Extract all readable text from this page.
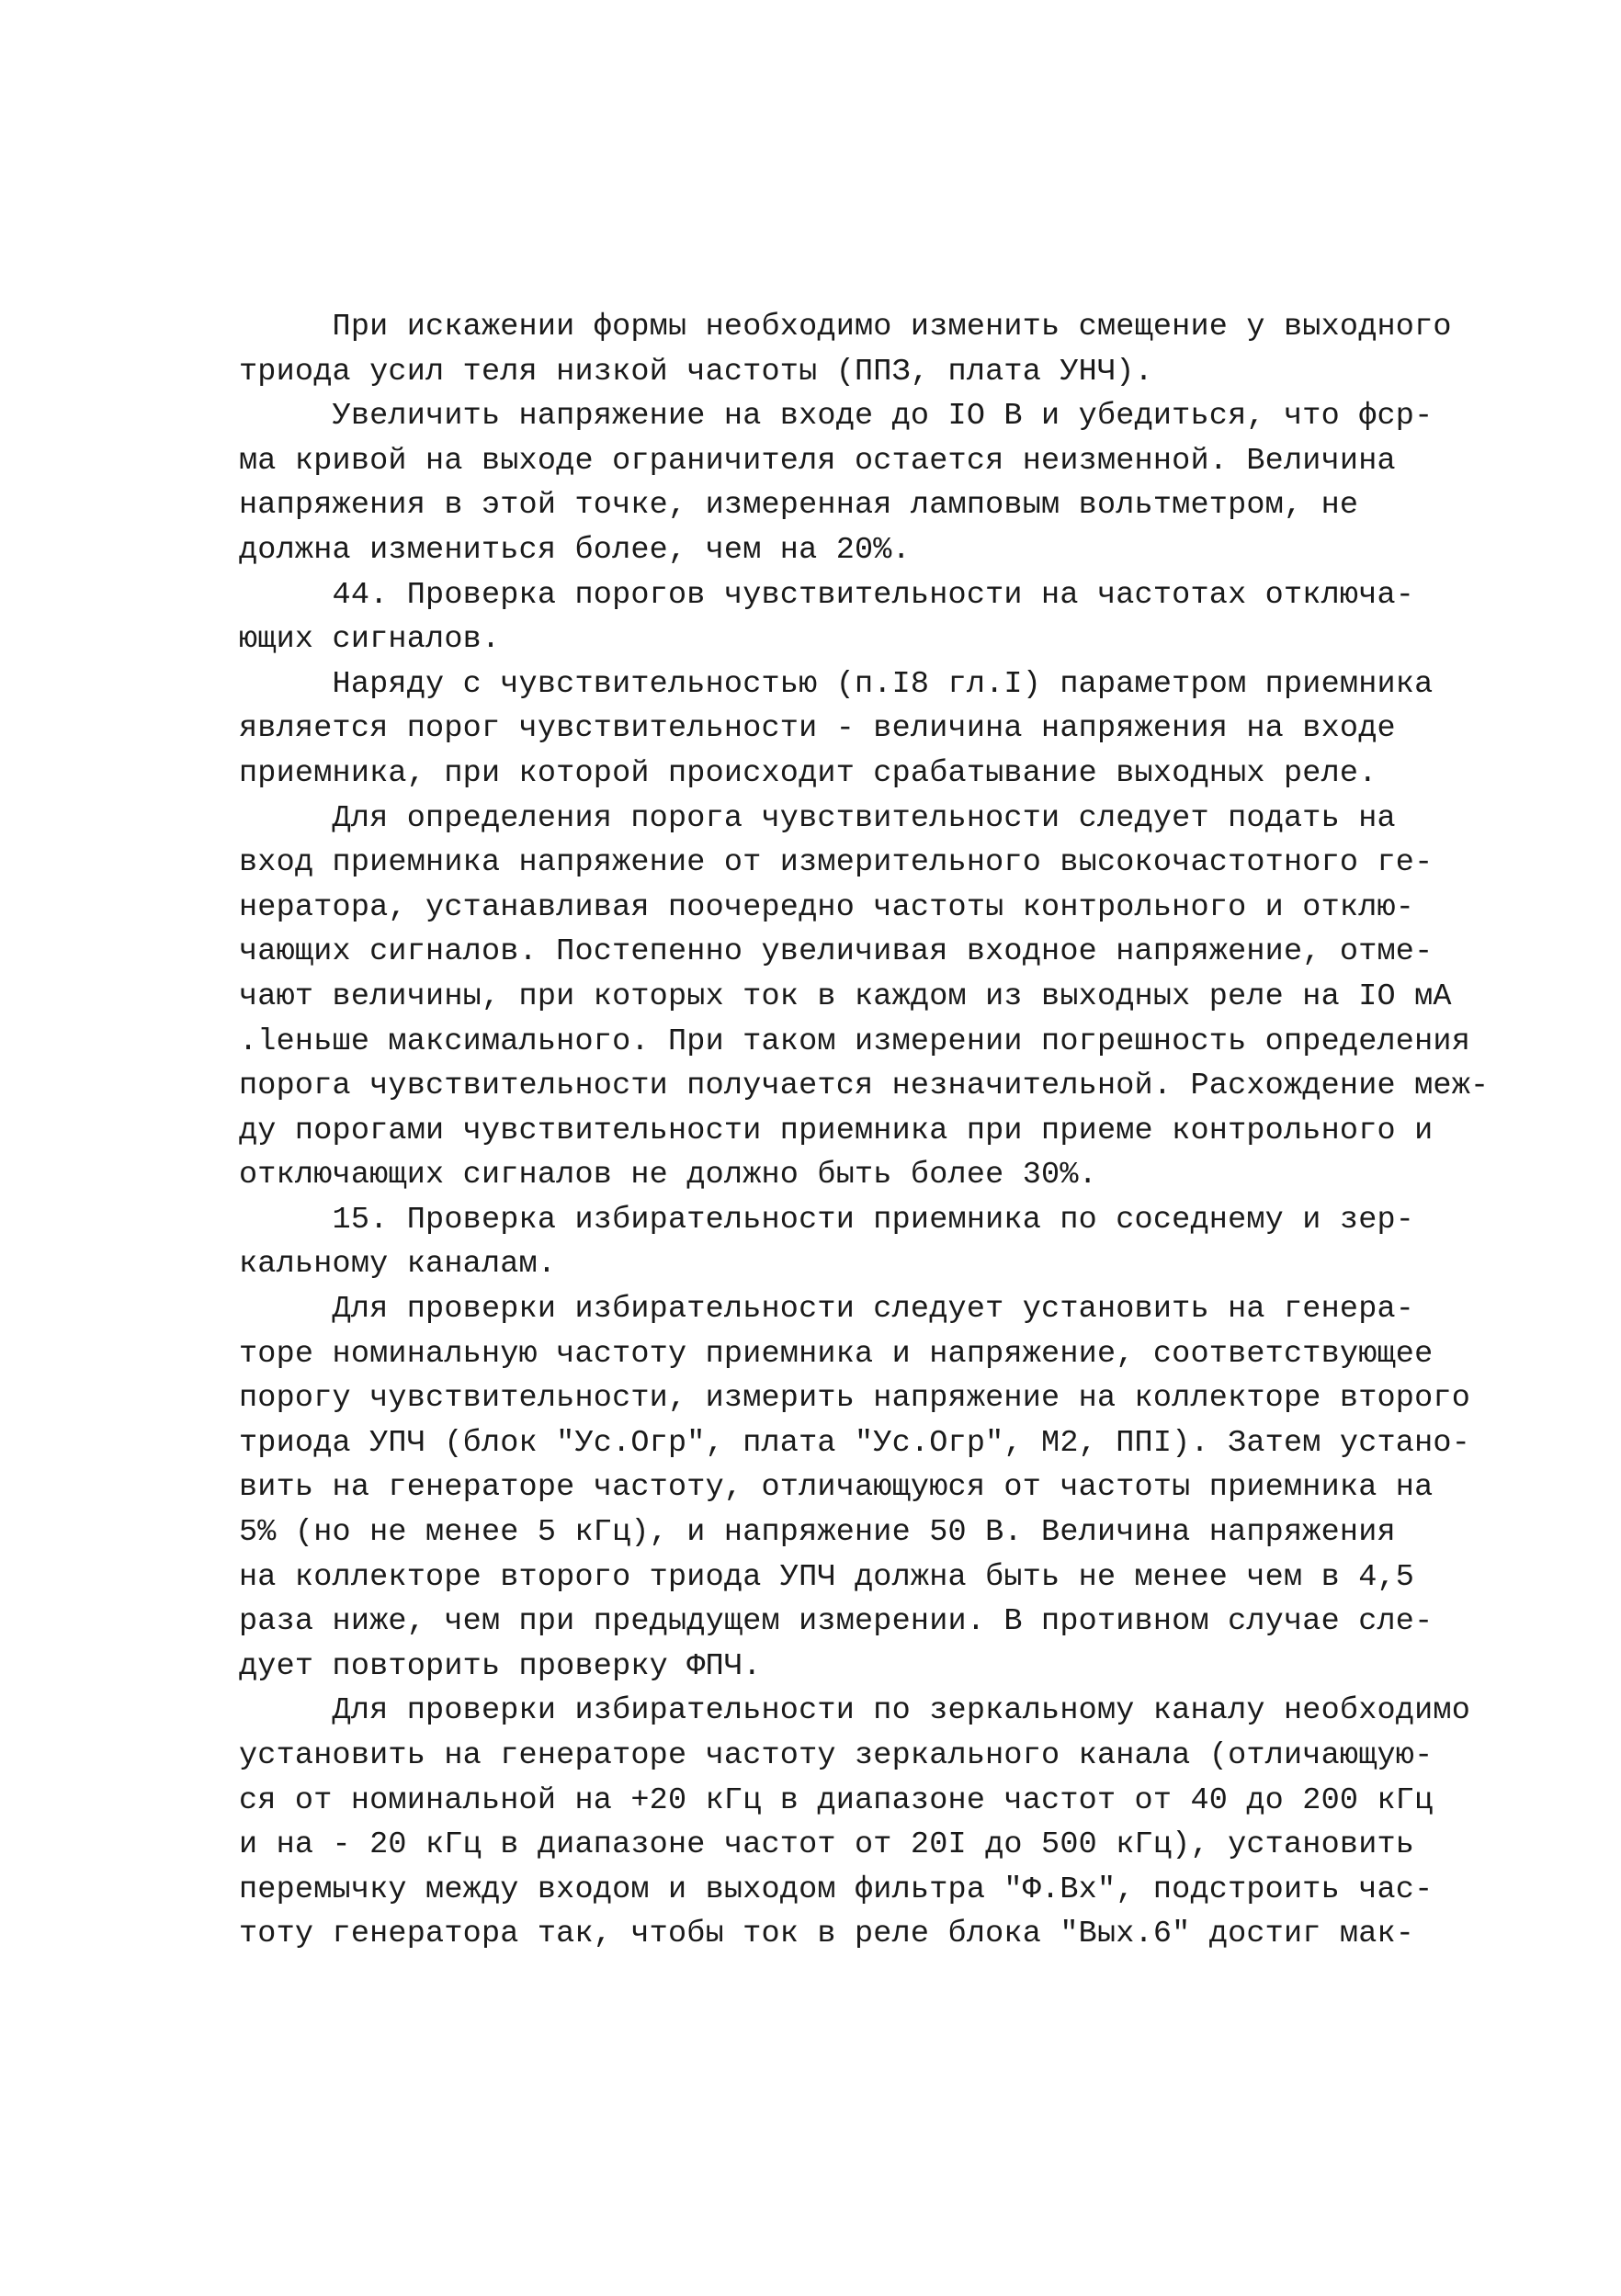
При искажении формы необходимо изменить смещение у выходного
триода усил теля низкой частоты (ППЗ, плата УНЧ).
Увеличить напряжение на входе до IO В и убедиться, что фср-
ма кривой на выходе ограничителя остается неизменной. Величина
напряжения в этой точке, измеренная ламповым вольтметром, не
должна измениться более, чем на 20%.
44. Проверка порогов чувствительности на частотах отключа-
ющих сигналов.
Наряду с чувствительностью (п.I8 гл.I) параметром приемника
является порог чувствительности - величина напряжения на входе
приемника, при которой происходит срабатывание выходных реле.
Для определения порога чувствительности следует подать на
вход приемника напряжение от измерительного высокочастотного ге-
нератора, устанавливая поочередно частоты контрольного и отклю-
чающих сигналов. Постепенно увеличивая входное напряжение, отме-
чают величины, при которых ток в каждом из выходных реле на IO мА
.lеньше максимального. При таком измерении погрешность определения
порога чувствительности получается незначительной. Расхождение меж-
ду порогами чувствительности приемника при приеме контрольного и
отключающих сигналов не должно быть более 30%.
15. Проверка избирательности приемника по соседнему и зер-
кальному каналам.
Для проверки избирательности следует установить на генера-
торе номинальную частоту приемника и напряжение, соответствующее
порогу чувствительности, измерить напряжение на коллекторе второго
триода УПЧ (блок "Ус.Огр", плата "Ус.Огр", М2, ППI). Затем устано-
вить на генераторе частоту, отличающуюся от частоты приемника на
5% (но не менее 5 кГц), и напряжение 50 В. Величина напряжения
на коллекторе второго триода УПЧ должна быть не менее чем в 4,5
раза ниже, чем при предыдущем измерении. В противном случае сле-
дует повторить проверку ФПЧ.
Для проверки избирательности по зеркальному каналу необходимо
установить на генераторе частоту зеркального канала (отличающую-
ся от номинальной на +20 кГц в диапазоне частот от 40 до 200 кГц
и на - 20 кГц в диапазоне частот от 20I до 500 кГц), установить
перемычку между входом и выходом фильтра "Ф.Вх", подстроить час-
тоту генератора так, чтобы ток в реле блока "Вых.6" достиг мак-
